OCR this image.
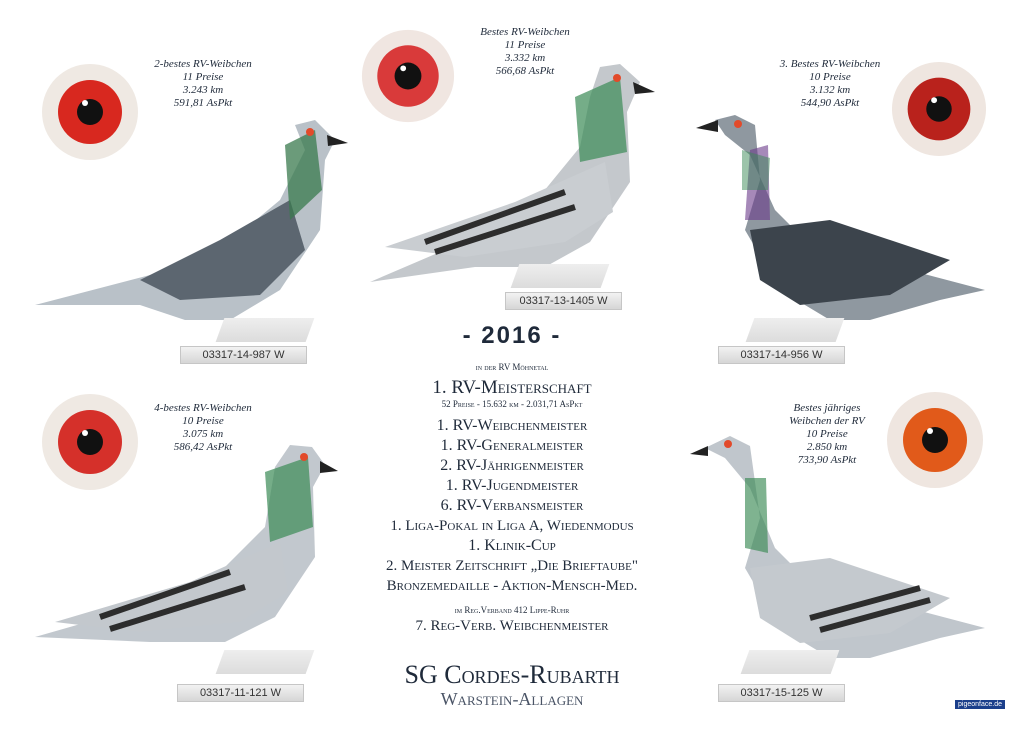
2-bestes RV-Weibchen
11 Preise
3.243 km
591,81 AsPkt
03317-14-987 W
Bestes RV-Weibchen
11 Preise
3.332 km
566,68 AsPkt
03317-13-1405 W
3. Bestes RV-Weibchen
10 Preise
3.132 km
544,90 AsPkt
03317-14-956 W
4-bestes RV-Weibchen
10 Preise
3.075 km
586,42 AsPkt
03317-11-121 W
Bestes jähriges
Weibchen der RV
10 Preise
2.850 km
733,90 AsPkt
03317-15-125 W
- 2016 -
in der RV Möhnetal
1. RV-Meisterschaft
52 Preise - 15.632 km - 2.031,71 AsPkt
1. RV-Weibchenmeister
1. RV-Generalmeister
2. RV-Jährigenmeister
1. RV-Jugendmeister
6. RV-Verbansmeister
1. Liga-Pokal in Liga A, Wiedenmodus
1. Klinik-Cup
2. Meister Zeitschrift „Die Brieftaube"
Bronzemedaille - Aktion-Mensch-Med.
im Reg.Verband 412 Lippe-Ruhr
7. Reg-Verb. Weibchenmeister
SG Cordes-Rubarth
Warstein-Allagen	pigeonface.de
